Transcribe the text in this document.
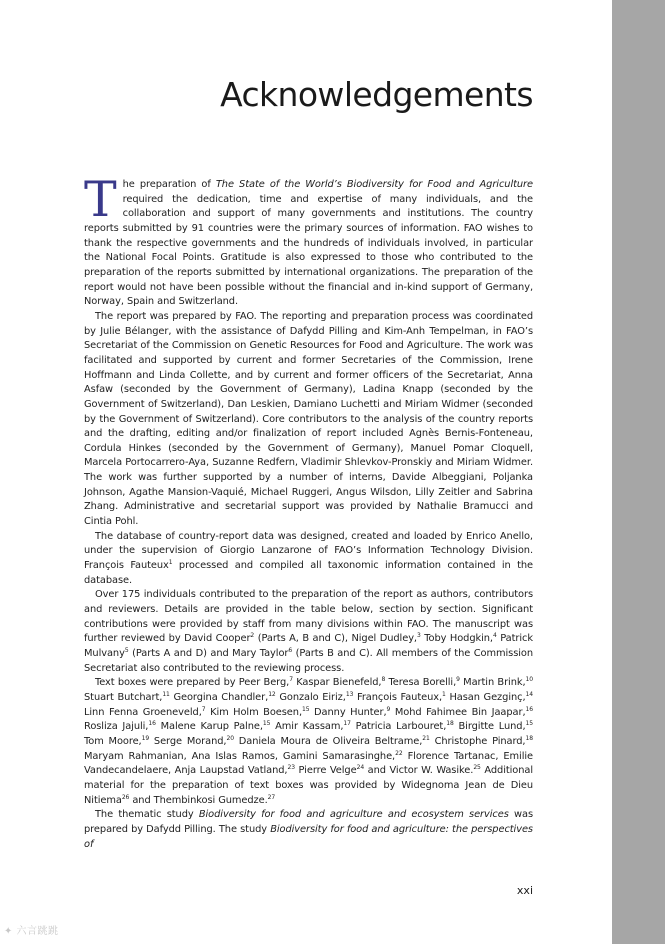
Acknowledgements

The preparation of The State of the World’s Biodiversity for Food and Agriculture required the dedication, time and expertise of many individuals, and the collaboration and support of many governments and institutions. The country reports submitted by 91 countries were the primary sources of information. FAO wishes to thank the respective governments and the hundreds of individuals involved, in particular the National Focal Points. Gratitude is also expressed to those who contributed to the preparation of the reports submitted by international organizations. The preparation of the report would not have been possible without the financial and in-kind support of Germany, Norway, Spain and Switzerland.

The report was prepared by FAO. The reporting and preparation process was coordinated by Julie Bélanger, with the assistance of Dafydd Pilling and Kim-Anh Tempelman, in FAO’s Secretariat of the Commission on Genetic Resources for Food and Agriculture. The work was facilitated and supported by current and former Secretaries of the Commission, Irene Hoffmann and Linda Collette, and by current and former officers of the Secretariat, Anna Asfaw (seconded by the Government of Germany), Ladina Knapp (seconded by the Government of Switzerland), Dan Leskien, Damiano Luchetti and Miriam Widmer (seconded by the Government of Switzerland). Core contributors to the analysis of the country reports and the drafting, editing and/or finalization of report included Agnès Bernis-Fonteneau, Cordula Hinkes (seconded by the Government of Germany), Manuel Pomar Cloquell, Marcela Portocarrero-Aya, Suzanne Redfern, Vladimir Shlevkov-Pronskiy and Miriam Widmer. The work was further supported by a number of interns, Davide Albeggiani, Poljanka Johnson, Agathe Mansion-Vaquié, Michael Ruggeri, Angus Wilsdon, Lilly Zeitler and Sabrina Zhang. Administrative and secretarial support was provided by Nathalie Bramucci and Cintia Pohl.

The database of country-report data was designed, created and loaded by Enrico Anello, under the supervision of Giorgio Lanzarone of FAO’s Information Technology Division. François Fauteux$^1$ processed and compiled all taxonomic information contained in the database.

Over 175 individuals contributed to the preparation of the report as authors, contributors and reviewers. Details are provided in the table below, section by section. Significant contributions were provided by staff from many divisions within FAO. The manuscript was further reviewed by David Cooper$^2$ (Parts A, B and C), Nigel Dudley,$^3$ Toby Hodgkin,$^4$ Patrick Mulvany$^5$ (Parts A and D) and Mary Taylor$^6$ (Parts B and C). All members of the Commission Secretariat also contributed to the reviewing process.

Text boxes were prepared by Peer Berg,$^7$ Kaspar Bienefeld,$^8$ Teresa Borelli,$^9$ Martin Brink,$^{10}$ Stuart Butchart,$^{11}$ Georgina Chandler,$^{12}$ Gonzalo Eiriz,$^{13}$ François Fauteux,$^1$ Hasan Gezginç,$^{14}$ Linn Fenna Groeneveld,$^7$ Kim Holm Boesen,$^{15}$ Danny Hunter,$^9$ Mohd Fahimee Bin Jaapar,$^{16}$ Rosliza Jajuli,$^{16}$ Malene Karup Palne,$^{15}$ Amir Kassam,$^{17}$ Patricia Larbouret,$^{18}$ Birgitte Lund,$^{15}$ Tom Moore,$^{19}$ Serge Morand,$^{20}$ Daniela Moura de Oliveira Beltrame,$^{21}$ Christophe Pinard,$^{18}$ Maryam Rahmanian, Ana Islas Ramos, Gamini Samarasinghe,$^{22}$ Florence Tartanac, Emilie Vandecandelaere, Anja Laupstad Vatland,$^{23}$ Pierre Velge$^{24}$ and Victor W. Wasike.$^{25}$ Additional material for the preparation of text boxes was provided by Widegnoma Jean de Dieu Nitiema$^{26}$ and Thembinkosi Gumedze.$^{27}$

The thematic study Biodiversity for food and agriculture and ecosystem services was prepared by Dafydd Pilling. The study Biodiversity for food and agriculture: the perspectives of

xxi
✦ 六言跳跳
